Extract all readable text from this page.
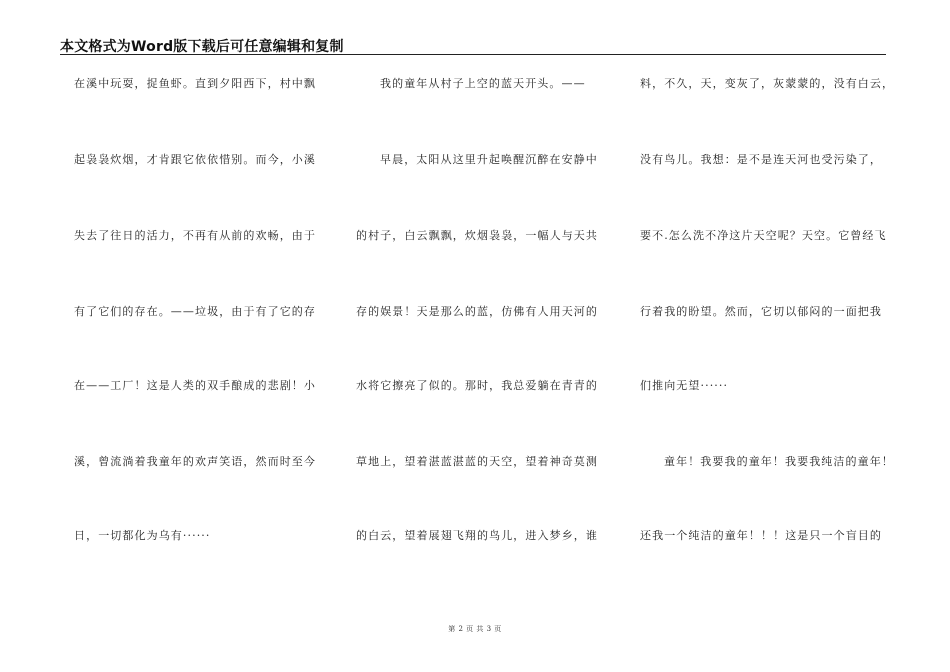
本文格式为Word版下载后可任意编辑和复制
在溪中玩耍，捉鱼虾。直到夕阳西下，村中飘
起袅袅炊烟，才肯跟它依依惜别。而今，小溪
失去了往日的活力，不再有从前的欢畅，由于
有了它们的存在。——垃圾，由于有了它的存
在——工厂！这是人类的双手酿成的悲剧！小
溪，曾流淌着我童年的欢声笑语，然而时至今
日，一切都化为乌有······
我的童年从村子上空的蓝天开头。——
早晨，太阳从这里升起唤醒沉醉在安静中
的村子，白云飘飘，炊烟袅袅，一幅人与天共
存的娱景！天是那么的蓝，仿佛有人用天河的
水将它擦亮了似的。那时，我总爱躺在青青的
草地上，望着湛蓝湛蓝的天空，望着神奇莫测
的白云，望着展翅飞翔的鸟儿，进入梦乡，谁
料，不久，天，变灰了，灰蒙蒙的，没有白云，
没有鸟儿。我想：是不是连天河也受污染了，
要不.怎么洗不净这片天空呢？天空。它曾经飞
行着我的盼望。然而，它切以郁闷的一面把我
们推向无望······
童年！我要我的童年！我要我纯洁的童年！
还我一个纯洁的童年！！！这是只一个盲目的
第 2 页 共 3 页
